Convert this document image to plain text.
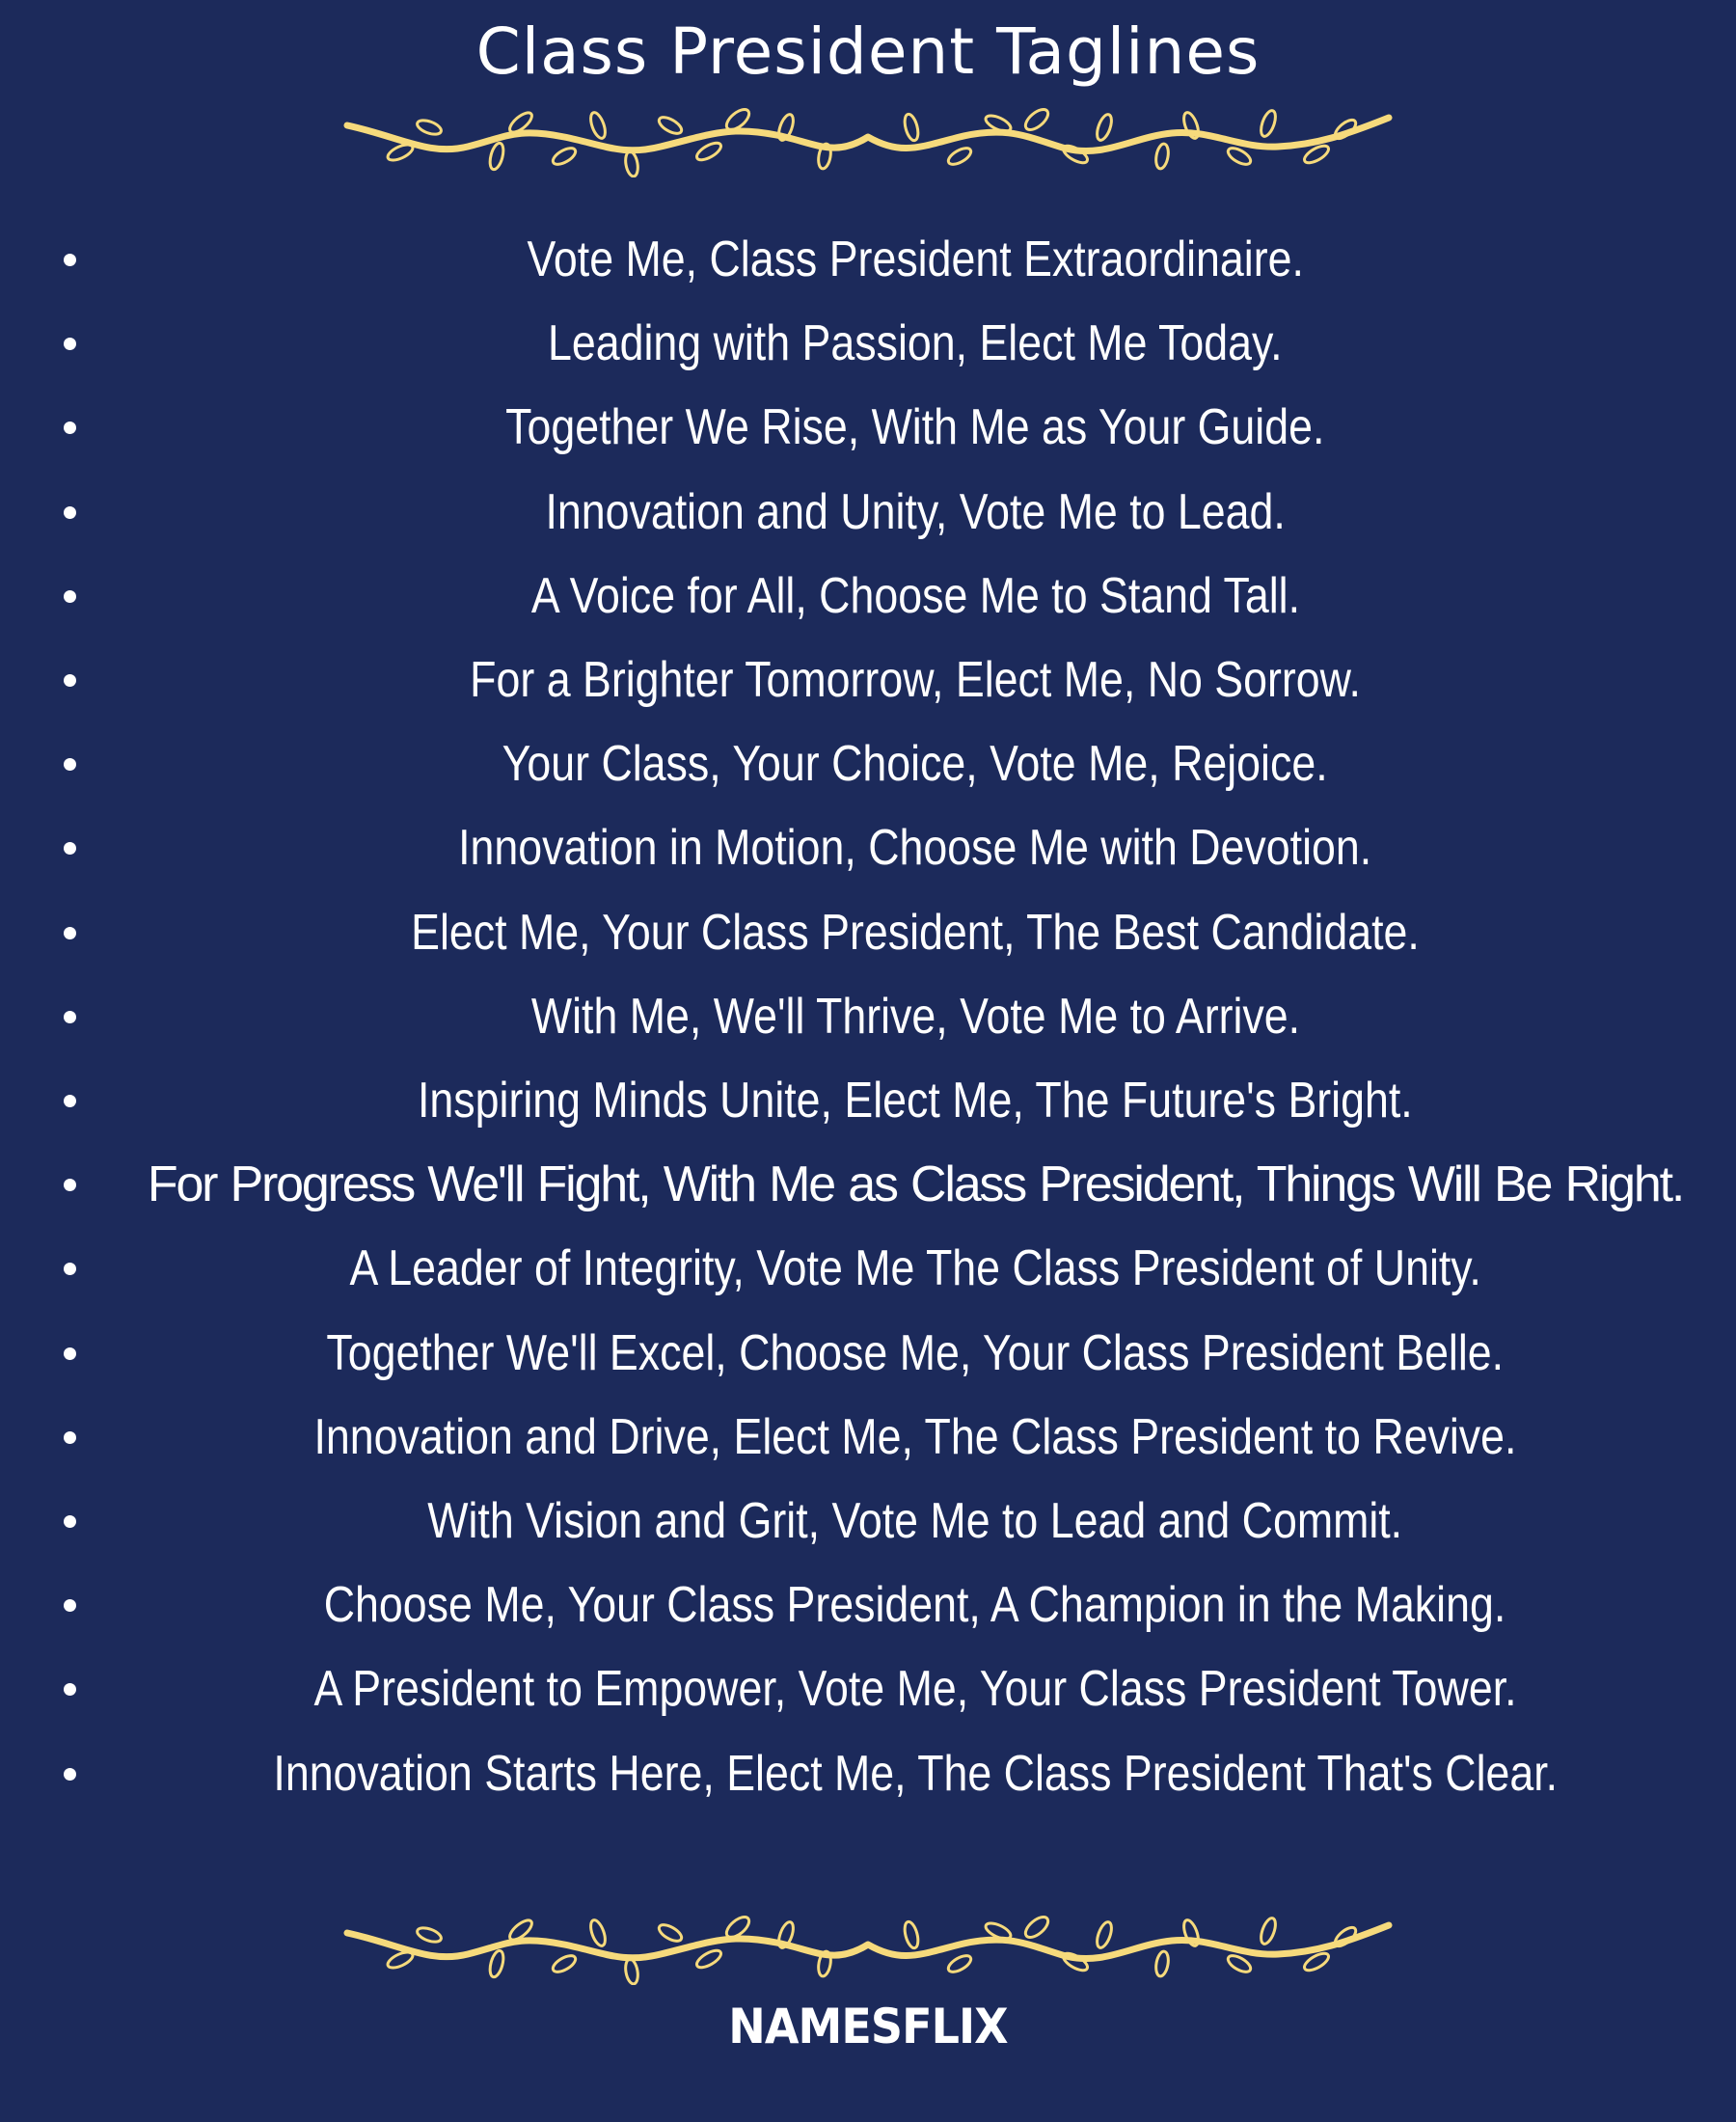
Class President Taglines
Vote Me, Class President Extraordinaire.
Leading with Passion, Elect Me Today.
Together We Rise, With Me as Your Guide.
Innovation and Unity, Vote Me to Lead.
A Voice for All, Choose Me to Stand Tall.
For a Brighter Tomorrow, Elect Me, No Sorrow.
Your Class, Your Choice, Vote Me, Rejoice.
Innovation in Motion, Choose Me with Devotion.
Elect Me, Your Class President, The Best Candidate.
With Me, We'll Thrive, Vote Me to Arrive.
Inspiring Minds Unite, Elect Me, The Future's Bright.
For Progress We'll Fight, With Me as Class President, Things Will Be Right.
A Leader of Integrity, Vote Me The Class President of Unity.
Together We'll Excel, Choose Me, Your Class President Belle.
Innovation and Drive, Elect Me, The Class President to Revive.
With Vision and Grit, Vote Me to Lead and Commit.
Choose Me, Your Class President, A Champion in the Making.
A President to Empower, Vote Me, Your Class President Tower.
Innovation Starts Here, Elect Me, The Class President That's Clear.
NAMESFLIX
